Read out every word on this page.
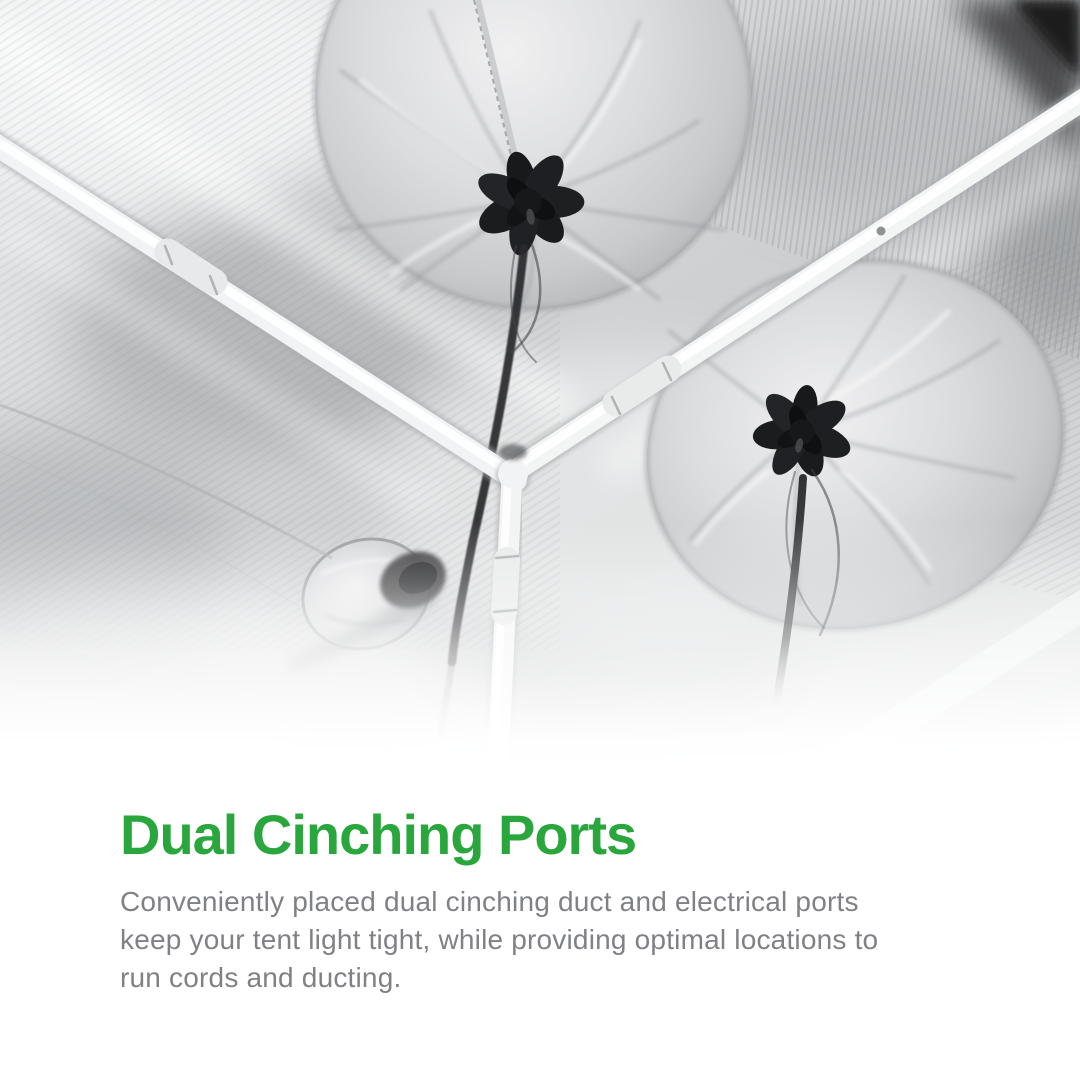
Dual Cinching Ports

Conveniently placed dual cinching duct and electrical ports
keep your tent light tight, while providing optimal locations to
run cords and ducting.
